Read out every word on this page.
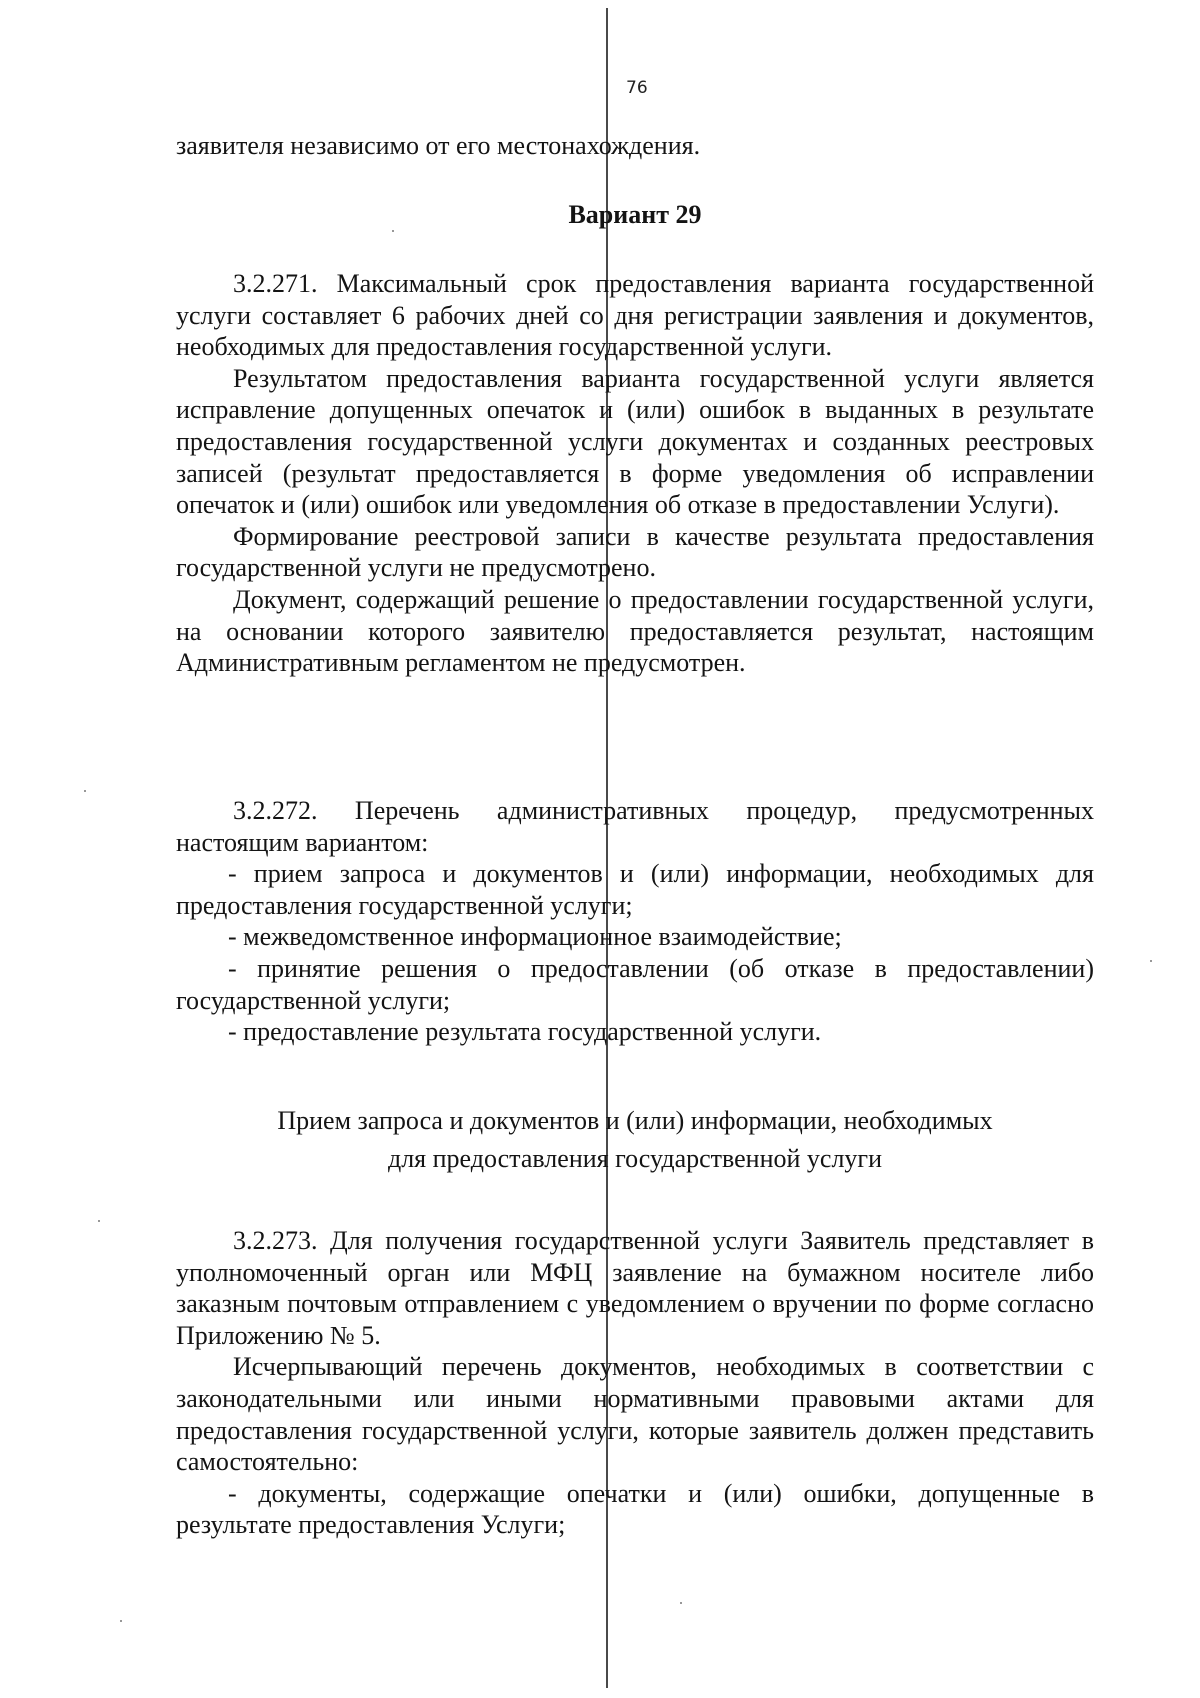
76

заявителя независимо от его местонахождения.

Вариант 29

3.2.271. Максимальный срок предоставления варианта государственной услуги составляет 6 рабочих дней со дня регистрации заявления и документов, необходимых для предоставления государственной услуги.

Результатом предоставления варианта государственной услуги является исправление допущенных опечаток и (или) ошибок в выданных в результате предоставления государственной услуги документах и созданных реестровых записей (результат предоставляется в форме уведомления об исправлении опечаток и (или) ошибок или уведомления об отказе в предоставлении Услуги).

Формирование реестровой записи в качестве результата предоставления государственной услуги не предусмотрено.

Документ, содержащий решение о предоставлении государственной услуги, на основании которого заявителю предоставляется результат, настоящим Административным регламентом не предусмотрен.

3.2.272. Перечень административных процедур, предусмотренных настоящим вариантом:

- прием запроса и документов и (или) информации, необходимых для предоставления государственной услуги;

- межведомственное информационное взаимодействие;

- принятие решения о предоставлении (об отказе в предоставлении) государственной услуги;

- предоставление результата государственной услуги.

Прием запроса и документов и (или) информации, необходимых
для предоставления государственной услуги

3.2.273. Для получения государственной услуги Заявитель представляет в уполномоченный орган или МФЦ заявление на бумажном носителе либо заказным почтовым отправлением с уведомлением о вручении по форме согласно Приложению № 5.

Исчерпывающий перечень документов, необходимых в соответствии с законодательными или иными нормативными правовыми актами для предоставления государственной услуги, которые заявитель должен представить самостоятельно:

- документы, содержащие опечатки и (или) ошибки, допущенные в результате предоставления Услуги;
